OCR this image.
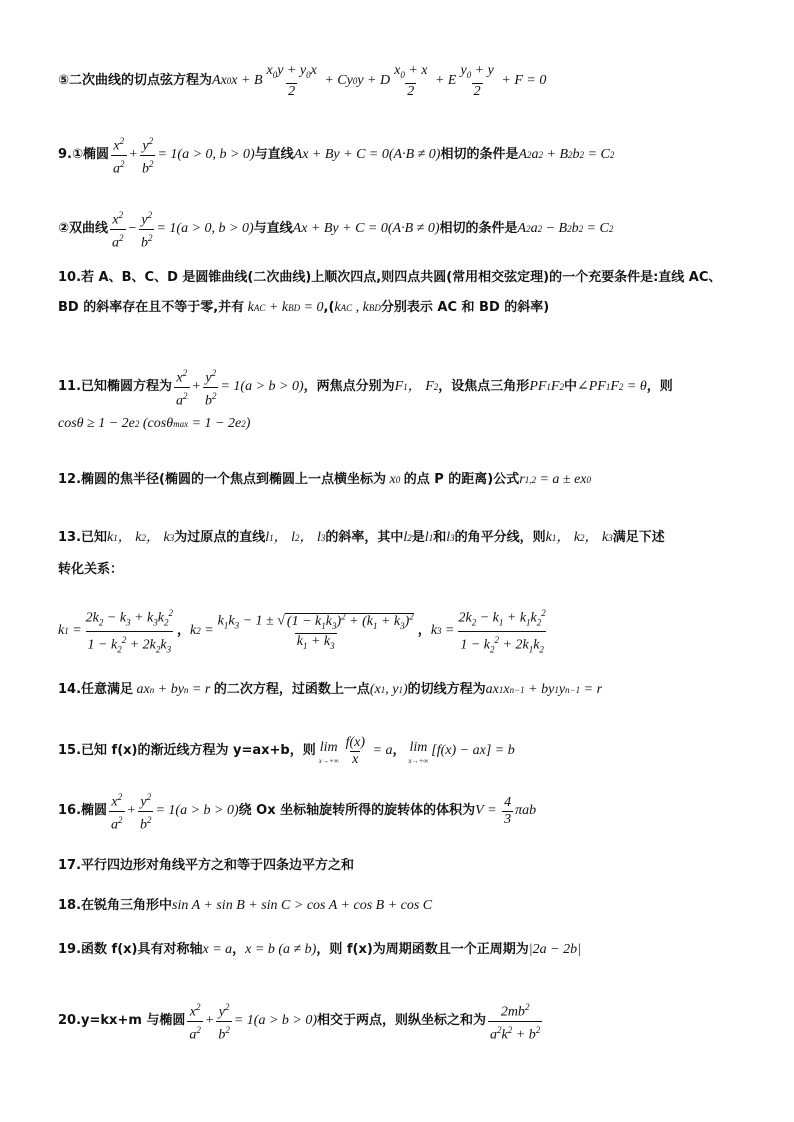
⑤二次曲线的切点弦方程为 Ax 0 x + B $\frac{x_0y + y_0x}{2} + Cy$ 0 y + D $\frac{x_0 + x}{2} + E \frac{y_0 + y}{2} + F = 0$
9.①椭圆 $\frac{x^2}{a^2} + \frac{y^2}{b^2} = 1(a > 0$, b > 0) 与直线 Ax + By + C = 0(A·B ≠ 0) 相切的条件是 A 2 a 2 + B 2 b 2 = C 2
②双曲线 $\frac{x^2}{a^2} - \frac{y^2}{b^2} = 1(a > 0$, b > 0) 与直线 Ax + By + C = 0(A·B ≠ 0) 相切的条件是 A 2 a 2 − B 2 b 2 = C 2
10.若 A、B、C、D 是圆锥曲线(二次曲线)上顺次四点,则四点共圆(常用相交弦定理)的一个充要条件是:直线 AC、
BD 的斜率存在且不等于零,并有 k AC + k BD = 0 ,( k AC , k BD 分别表示 AC 和 BD 的斜率)
11.已知椭圆方程为 $\frac{x^2}{a^2} + \frac{y^2}{b^2} = 1(a > b > 0)$ ，两焦点分别为 F 1 ， F 2 ，设焦点三角形 PF 1 F 2 中 ∠PF 1 F 2 = θ ，则
cosθ ≥ 1 − 2e 2 (cosθ max = 1 − 2e 2 )
12.椭圆的焦半径(椭圆的一个焦点到椭圆上一点横坐标为 x 0
的点 P 的距离)公式 r 1,2 = a ± ex 0
13.已知 k 1 ， k 2 ， k 3 为过原点的直线 l 1 ， l 2 ， l 3 的斜率，其中 l 2 是 l 1 和 l 3 的角平分线，则 k 1 ， k 2 ， k 3 满足下述
转化关系：
k $1 = \frac{2k_2 - k_3 + k_3k_2^2}{1 - k_2^2 + 2k_2k_3}$ ， k $2 = \frac{k_1k_3 - 1 \pm √ (1 - k_1k_3)^2 + (k_1 + k_3)^2}{k_1 + k_3}$ ， k $3 = \frac{2k_2 - k_1 + k_1k_2^2}{1 - k_2^2 + 2k_1k_2}$
14.任意满足 ax n + by n = r 的二次方程，过函数上一点 (x 1 , y 1 ) 的切线方程为 ax 1 x n−1 + by 1 y n−1 = r
15.已知 f(x)的渐近线方程为 y=ax+b，则 lim
$x\to+\infty \frac{f(x)}{x} = a$ ， lim
x→+∞
[f(x) − ax] = b
16.椭圆 $\frac{x^2}{a^2} + \frac{y^2}{b^2} = 1(a > b > 0)$ 绕 Ox 坐标轴旋转所得的旋转体的体积为 $V = \frac{4}{3}$ πab
17.平行四边形对角线平方之和等于四条边平方之和
18.在锐角三角形中 sin A + sin B + sin C > cos A + cos B + cos C
19.函数 f(x)具有对称轴 x = a ， x = b (a ≠ b) ，则 f(x)为周期函数且一个正周期为 |2a − 2b|
20.y=kx+m 与椭圆 $\frac{x^2}{a^2} + \frac{y^2}{b^2} = 1(a > b > 0)$ 相交于两点，则纵坐标之和为 $\frac{2mb^2}{a^2k^2 + b^2}$
